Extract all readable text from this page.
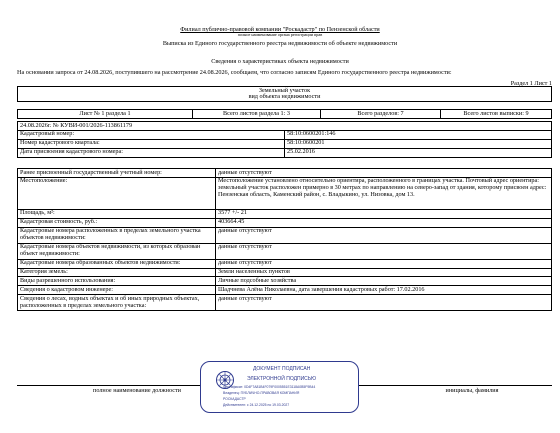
Филиал публично-правовой компании "Роскадастр" по Пензенской области
полное наименование органа регистрации прав
Выписка из Единого государственного реестра недвижимости об объекте недвижимости
Сведения о характеристиках объекта недвижимости
На основании запроса от 24.08.2026, поступившего на рассмотрение 24.08.2026, сообщаем, что согласно записям Единого государственного реестра недвижимости:
Раздел 1 Лист 1
Земельный участок
вид объекта недвижимости
Лист № 1 раздела 1	Всего листов раздела 1: 3	Всего разделов: 7	Всего листов выписки: 9
24.08.2026г. № КУВИ-001/2026-113861179	
Кадастровый номер:	58:10:0600201:146
Номер кадастрового квартала:	58:10:0600201
Дата присвоения кадастрового номера:	25.02.2016
Ранее присвоенный государственный учетный номер:	данные отсутствуют
Местоположение:	Местоположение установлено относительно ориентира, расположенного в границах участка. Почтовый адрес ориентира: земельный участок расположен примерно в 30 метрах по направлению на северо-запад от здания, которому присвоен адрес: Пензенская область, Каменский район, с. Владыкино, ул. Низовка, дом 13.
Площадь, м²:	3577 +/- 21
Кадастровая стоимость, руб.:	403664.45
Кадастровые номера расположенных в пределах земельного участка объектов недвижимости:	данные отсутствуют
Кадастровые номера объектов недвижимости, из которых образован объект недвижимости:	данные отсутствуют
Кадастровые номера образованных объектов недвижимости:	данные отсутствуют
Категория земель:	Земли населенных пунктов
Виды разрешенного использования:	Личные подсобные хозяйства
Сведения о кадастровом инженере:	Шадчнева Алёна Николаевна, дата завершения кадастровых работ: 17.02.2016
Сведения о лесах, водных объектах и об иных природных объектах, расположенных в пределах земельного участка:	данные отсутствуют
полное наименование должности	инициалы, фамилия
ДОКУМЕНТ ПОДПИСАН
ЭЛЕКТРОННОЙ ПОДПИСЬЮ
Сертификат: 0D4F7A81B4F079F0005551E3118A0B5F9B44
Владелец: ПУБЛИЧНО-ПРАВОВАЯ КОМПАНИЯ
РОСКАДАСТР
Действителен: с 24.12.2025 по 19.03.2027
